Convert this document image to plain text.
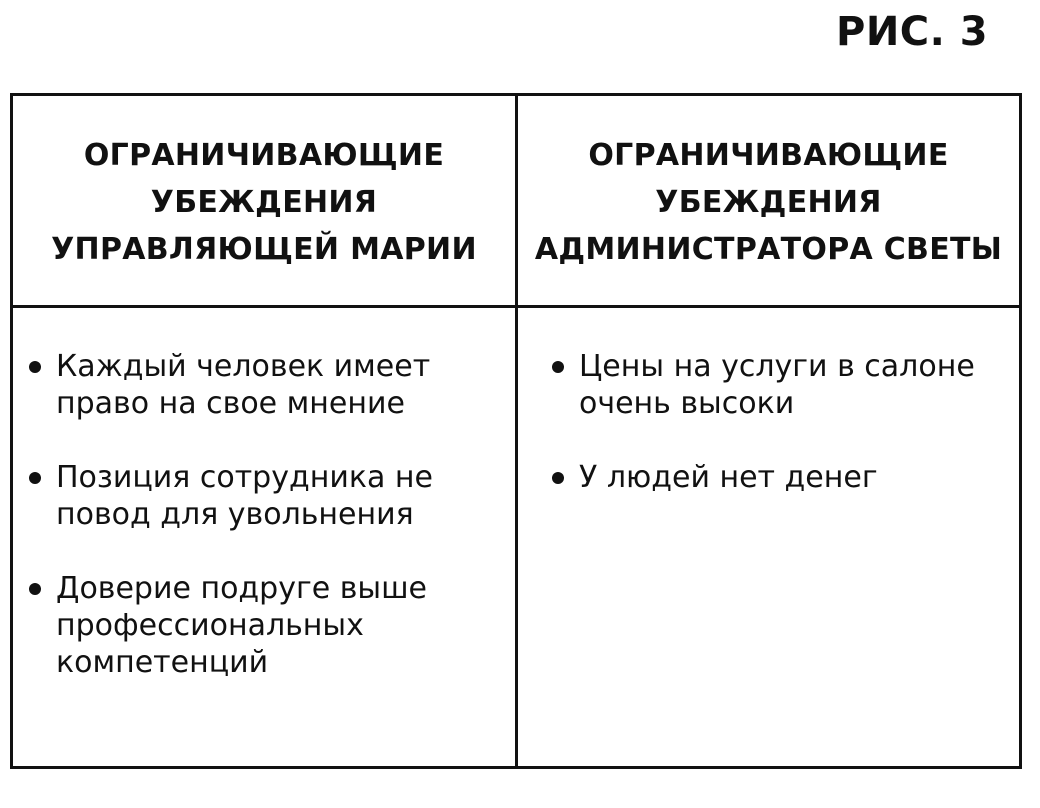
РИС. 3
ОГРАНИЧИВАЮЩИЕ
УБЕЖДЕНИЯ
УПРАВЛЯЮЩЕЙ МАРИИ
ОГРАНИЧИВАЮЩИЕ
УБЕЖДЕНИЯ
АДМИНИСТРАТОРА СВЕТЫ
Каждый человек имеет
право на свое мнение
Позиция сотрудника не
повод для увольнения
Доверие подруге выше
профессиональных
компетенций
Цены на услуги в салоне
очень высоки
У людей нет денег
